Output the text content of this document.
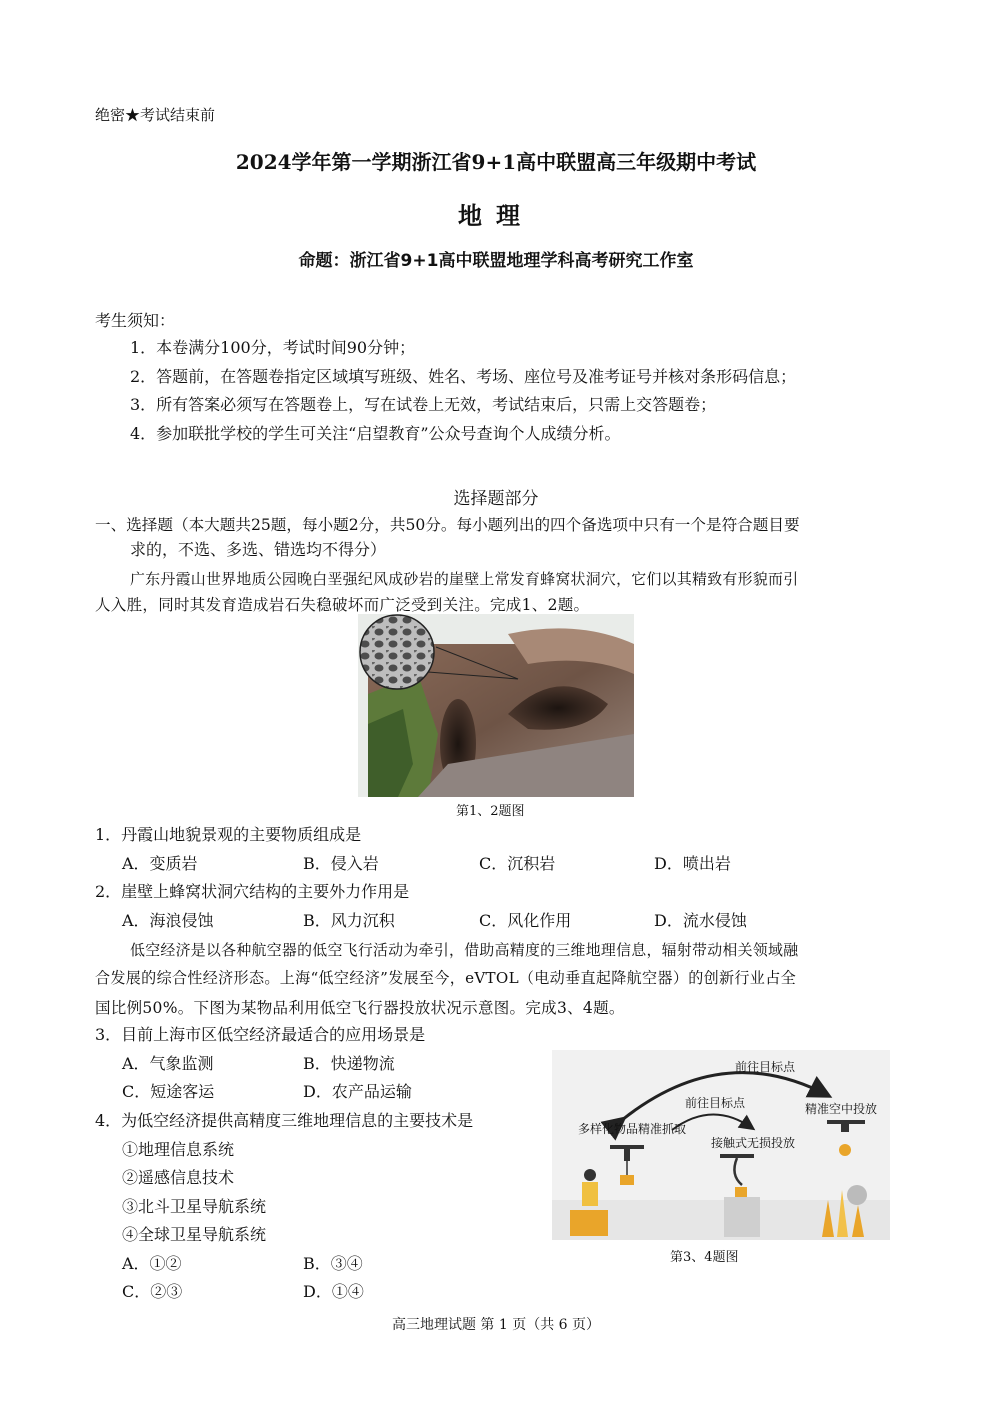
绝密★考试结束前
2024学年第一学期浙江省9+1高中联盟高三年级期中考试
地理
命题：浙江省9+1高中联盟地理学科高考研究工作室
考生须知：
1．本卷满分100分，考试时间90分钟；
2．答题前，在答题卷指定区域填写班级、姓名、考场、座位号及准考证号并核对条形码信息；
3．所有答案必须写在答题卷上，写在试卷上无效，考试结束后，只需上交答题卷；
4．参加联批学校的学生可关注“启望教育”公众号查询个人成绩分析。
选择题部分
一、选择题（本大题共25题，每小题2分，共50分。每小题列出的四个备选项中只有一个是符合题目要
求的，不选、多选、错选均不得分）
广东丹霞山世界地质公园晚白垩强纪风成砂岩的崖壁上常发育蜂窝状洞穴，它们以其精致有形貌而引
人入胜，同时其发育造成岩石失稳破坏而广泛受到关注。完成1、2题。
第1、2题图
1．丹霞山地貌景观的主要物质组成是
A．变质岩	B．侵入岩	C．沉积岩	D．喷出岩
2．崖壁上蜂窝状洞穴结构的主要外力作用是
A．海浪侵蚀	B．风力沉积	C．风化作用	D．流水侵蚀
低空经济是以各种航空器的低空飞行活动为牵引，借助高精度的三维地理信息，辐射带动相关领域融
合发展的综合性经济形态。上海“低空经济”发展至今，eVTOL（电动垂直起降航空器）的创新行业占全
国比例50%。下图为某物品利用低空飞行器投放状况示意图。完成3、4题。
3．目前上海市区低空经济最适合的应用场景是
A．气象监测	B．快递物流
C．短途客运	D．农产品运输
4．为低空经济提供高精度三维地理信息的主要技术是
①地理信息系统
②遥感信息技术
③北斗卫星导航系统
④全球卫星导航系统
A．①②	B．③④
C．②③	D．①④
前往目标点
前往目标点
多样化物品精准抓取
接触式无损投放
精准空中投放
第3、4题图
高三地理试题 第 1 页（共 6 页）
